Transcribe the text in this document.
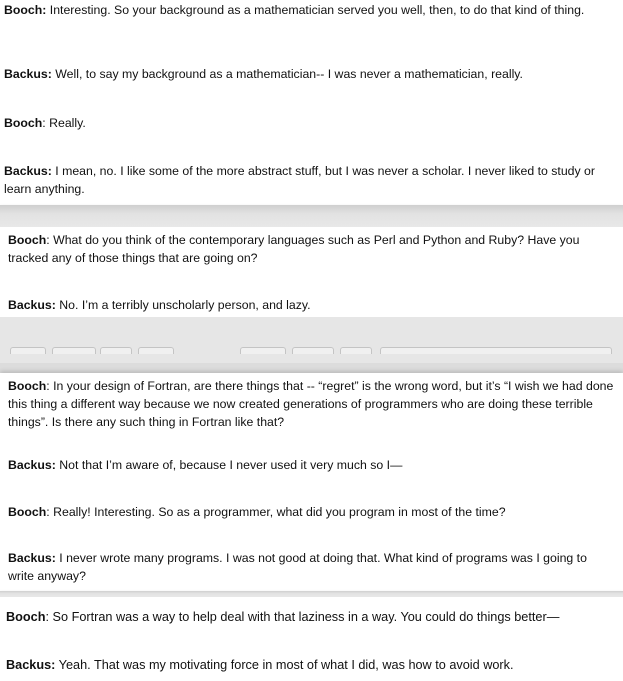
Booch: Interesting. So your background as a mathematician served you well, then, to do that kind of thing.

Backus: Well, to say my background as a mathematician-- I was never a mathematician, really.

Booch: Really.

Backus: I mean, no. I like some of the more abstract stuff, but I was never a scholar. I never liked to study or learn anything.

Booch: What do you think of the contemporary languages such as Perl and Python and Ruby? Have you tracked any of those things that are going on?

Backus: No. I’m a terribly unscholarly person, and lazy.

Booch: In your design of Fortran, are there things that -- “regret” is the wrong word, but it’s “I wish we had done this thing a different way because we now created generations of programmers who are doing these terrible things”. Is there any such thing in Fortran like that?

Backus: Not that I’m aware of, because I never used it very much so I—

Booch: Really! Interesting. So as a programmer, what did you program in most of the time?

Backus: I never wrote many programs. I was not good at doing that. What kind of programs was I going to write anyway?

Booch: So Fortran was a way to help deal with that laziness in a way. You could do things better—

Backus: Yeah. That was my motivating force in most of what I did, was how to avoid work.
